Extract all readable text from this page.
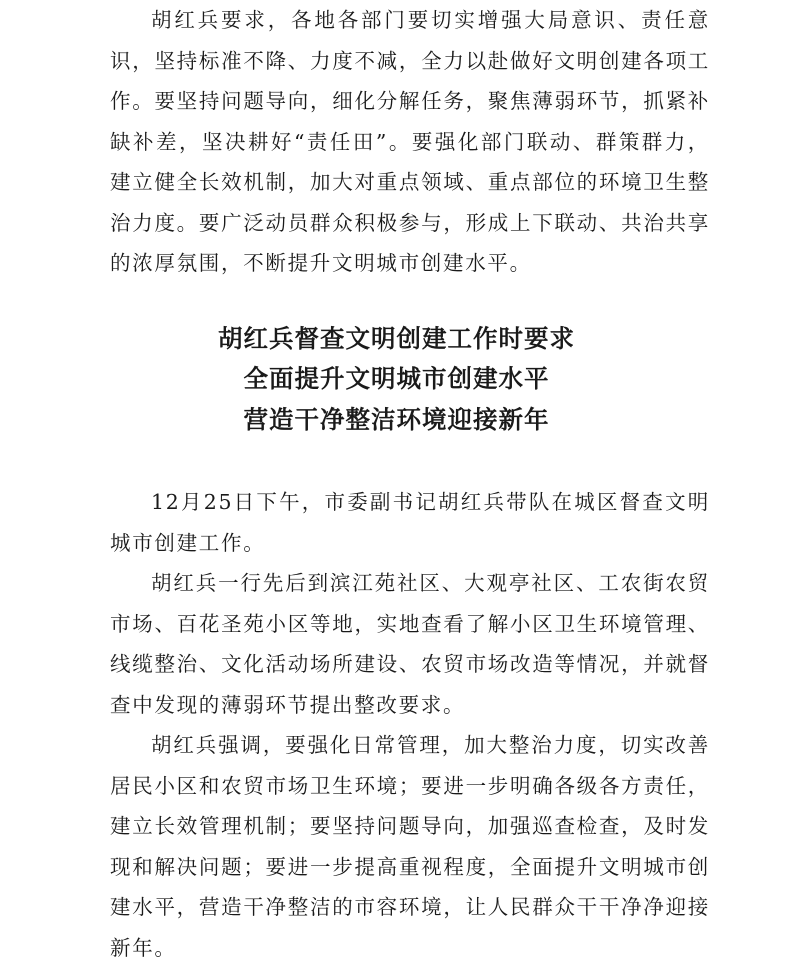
胡红兵要求，各地各部门要切实增强大局意识、责任意识，坚持标准不降、力度不减，全力以赴做好文明创建各项工作。要坚持问题导向，细化分解任务，聚焦薄弱环节，抓紧补缺补差，坚决耕好“责任田”。要强化部门联动、群策群力，建立健全长效机制，加大对重点领域、重点部位的环境卫生整治力度。要广泛动员群众积极参与，形成上下联动、共治共享的浓厚氛围，不断提升文明城市创建水平。

胡红兵督查文明创建工作时要求
全面提升文明城市创建水平
营造干净整洁环境迎接新年

12月25日下午，市委副书记胡红兵带队在城区督查文明城市创建工作。

胡红兵一行先后到滨江苑社区、大观亭社区、工农街农贸市场、百花圣苑小区等地，实地查看了解小区卫生环境管理、线缆整治、文化活动场所建设、农贸市场改造等情况，并就督查中发现的薄弱环节提出整改要求。

胡红兵强调，要强化日常管理，加大整治力度，切实改善居民小区和农贸市场卫生环境；要进一步明确各级各方责任，建立长效管理机制；要坚持问题导向，加强巡查检查，及时发现和解决问题；要进一步提高重视程度，全面提升文明城市创建水平，营造干净整洁的市容环境，让人民群众干干净净迎接新年。
